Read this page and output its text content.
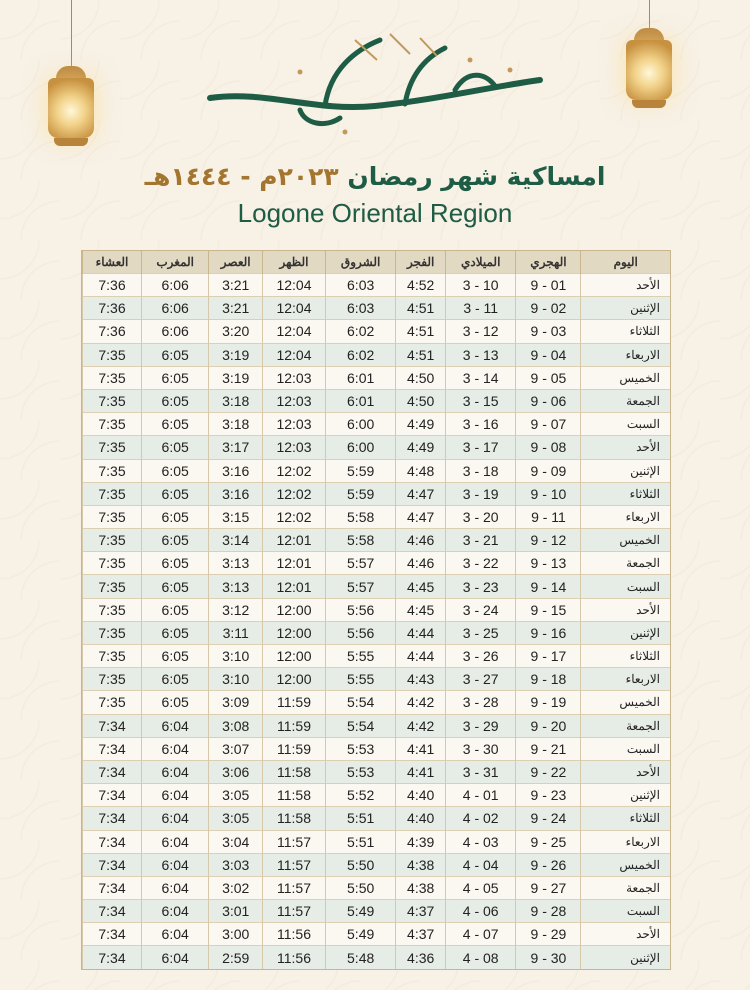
رمضان كريم
امساكية شهر رمضان ٢٠٢٣م - ١٤٤٤هـ
Logone Oriental Region
اليوم	الهجري	الميلادي	الفجر	الشروق	الظهر	العصر	المغرب	العشاء
الأحد	9 - 01	3 - 10	4:52	6:03	12:04	3:21	6:06	7:36
الإثنين	9 - 02	3 - 11	4:51	6:03	12:04	3:21	6:06	7:36
الثلاثاء	9 - 03	3 - 12	4:51	6:02	12:04	3:20	6:06	7:36
الاربعاء	9 - 04	3 - 13	4:51	6:02	12:04	3:19	6:05	7:35
الخميس	9 - 05	3 - 14	4:50	6:01	12:03	3:19	6:05	7:35
الجمعة	9 - 06	3 - 15	4:50	6:01	12:03	3:18	6:05	7:35
السبت	9 - 07	3 - 16	4:49	6:00	12:03	3:18	6:05	7:35
الأحد	9 - 08	3 - 17	4:49	6:00	12:03	3:17	6:05	7:35
الإثنين	9 - 09	3 - 18	4:48	5:59	12:02	3:16	6:05	7:35
الثلاثاء	9 - 10	3 - 19	4:47	5:59	12:02	3:16	6:05	7:35
الاربعاء	9 - 11	3 - 20	4:47	5:58	12:02	3:15	6:05	7:35
الخميس	9 - 12	3 - 21	4:46	5:58	12:01	3:14	6:05	7:35
الجمعة	9 - 13	3 - 22	4:46	5:57	12:01	3:13	6:05	7:35
السبت	9 - 14	3 - 23	4:45	5:57	12:01	3:13	6:05	7:35
الأحد	9 - 15	3 - 24	4:45	5:56	12:00	3:12	6:05	7:35
الإثنين	9 - 16	3 - 25	4:44	5:56	12:00	3:11	6:05	7:35
الثلاثاء	9 - 17	3 - 26	4:44	5:55	12:00	3:10	6:05	7:35
الاربعاء	9 - 18	3 - 27	4:43	5:55	12:00	3:10	6:05	7:35
الخميس	9 - 19	3 - 28	4:42	5:54	11:59	3:09	6:05	7:35
الجمعة	9 - 20	3 - 29	4:42	5:54	11:59	3:08	6:04	7:34
السبت	9 - 21	3 - 30	4:41	5:53	11:59	3:07	6:04	7:34
الأحد	9 - 22	3 - 31	4:41	5:53	11:58	3:06	6:04	7:34
الإثنين	9 - 23	4 - 01	4:40	5:52	11:58	3:05	6:04	7:34
الثلاثاء	9 - 24	4 - 02	4:40	5:51	11:58	3:05	6:04	7:34
الاربعاء	9 - 25	4 - 03	4:39	5:51	11:57	3:04	6:04	7:34
الخميس	9 - 26	4 - 04	4:38	5:50	11:57	3:03	6:04	7:34
الجمعة	9 - 27	4 - 05	4:38	5:50	11:57	3:02	6:04	7:34
السبت	9 - 28	4 - 06	4:37	5:49	11:57	3:01	6:04	7:34
الأحد	9 - 29	4 - 07	4:37	5:49	11:56	3:00	6:04	7:34
الإثنين	9 - 30	4 - 08	4:36	5:48	11:56	2:59	6:04	7:34
